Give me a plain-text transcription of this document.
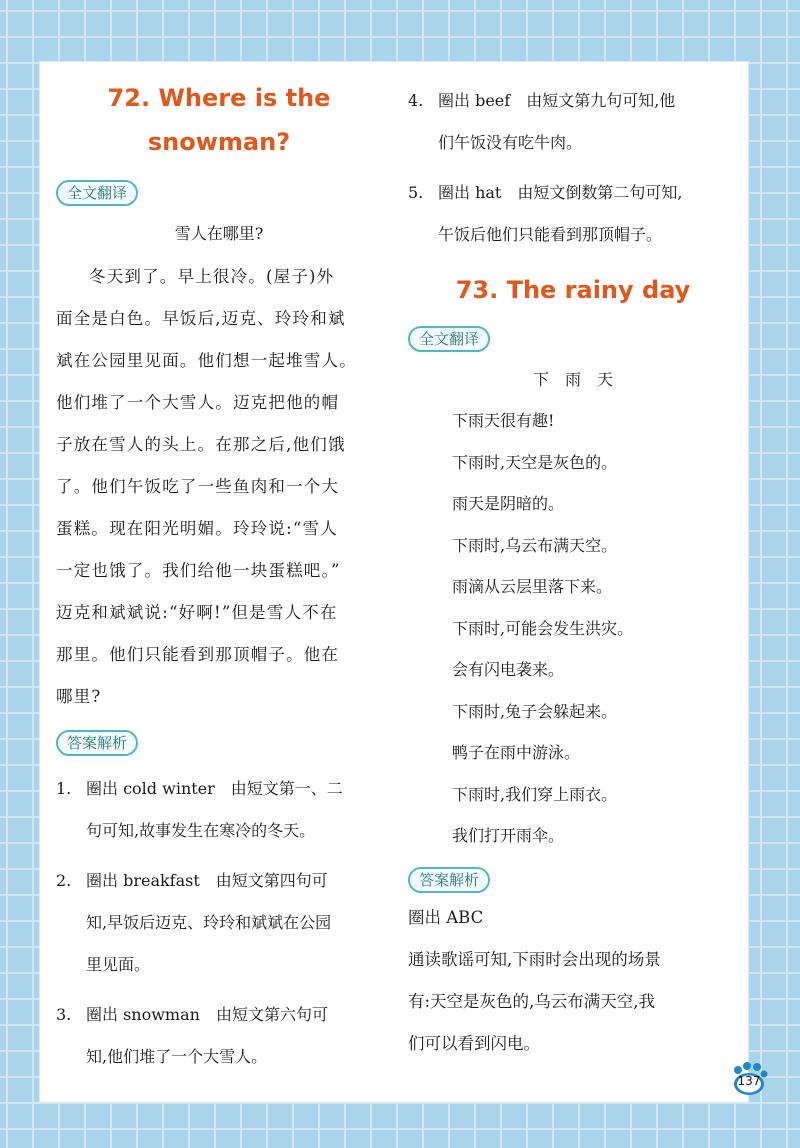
72. Where is the

snowman?

全文翻译

雪人在哪里?

冬天到了。早上很冷。(屋子)外

面全是白色。早饭后,迈克、玲玲和斌

斌在公园里见面。他们想一起堆雪人。

他们堆了一个大雪人。迈克把他的帽

子放在雪人的头上。在那之后,他们饿

了。他们午饭吃了一些鱼肉和一个大

蛋糕。现在阳光明媚。玲玲说:“雪人

一定也饿了。我们给他一块蛋糕吧。”

迈克和斌斌说:“好啊!”但是雪人不在

那里。他们只能看到那顶帽子。他在

哪里?

答案解析
1. 圈出 cold winter　由短文第一、二

句可知,故事发生在寒冷的冬天。

2. 圈出 breakfast　由短文第四句可

知,早饭后迈克、玲玲和斌斌在公园

里见面。

3. 圈出 snowman　由短文第六句可

知,他们堆了一个大雪人。

4. 圈出 beef　由短文第九句可知,他

们午饭没有吃牛肉。

5. 圈出 hat　由短文倒数第二句可知,

午饭后他们只能看到那顶帽子。

73. The rainy day

全文翻译

下　雨　天

下雨天很有趣!

下雨时,天空是灰色的。

雨天是阴暗的。

下雨时,乌云布满天空。

雨滴从云层里落下来。

下雨时,可能会发生洪灾。

会有闪电袭来。

下雨时,兔子会躲起来。

鸭子在雨中游泳。

下雨时,我们穿上雨衣。

我们打开雨伞。

答案解析

圈出 ABC

通读歌谣可知,下雨时会出现的场景

有:天空是灰色的,乌云布满天空,我

们可以看到闪电。

137
